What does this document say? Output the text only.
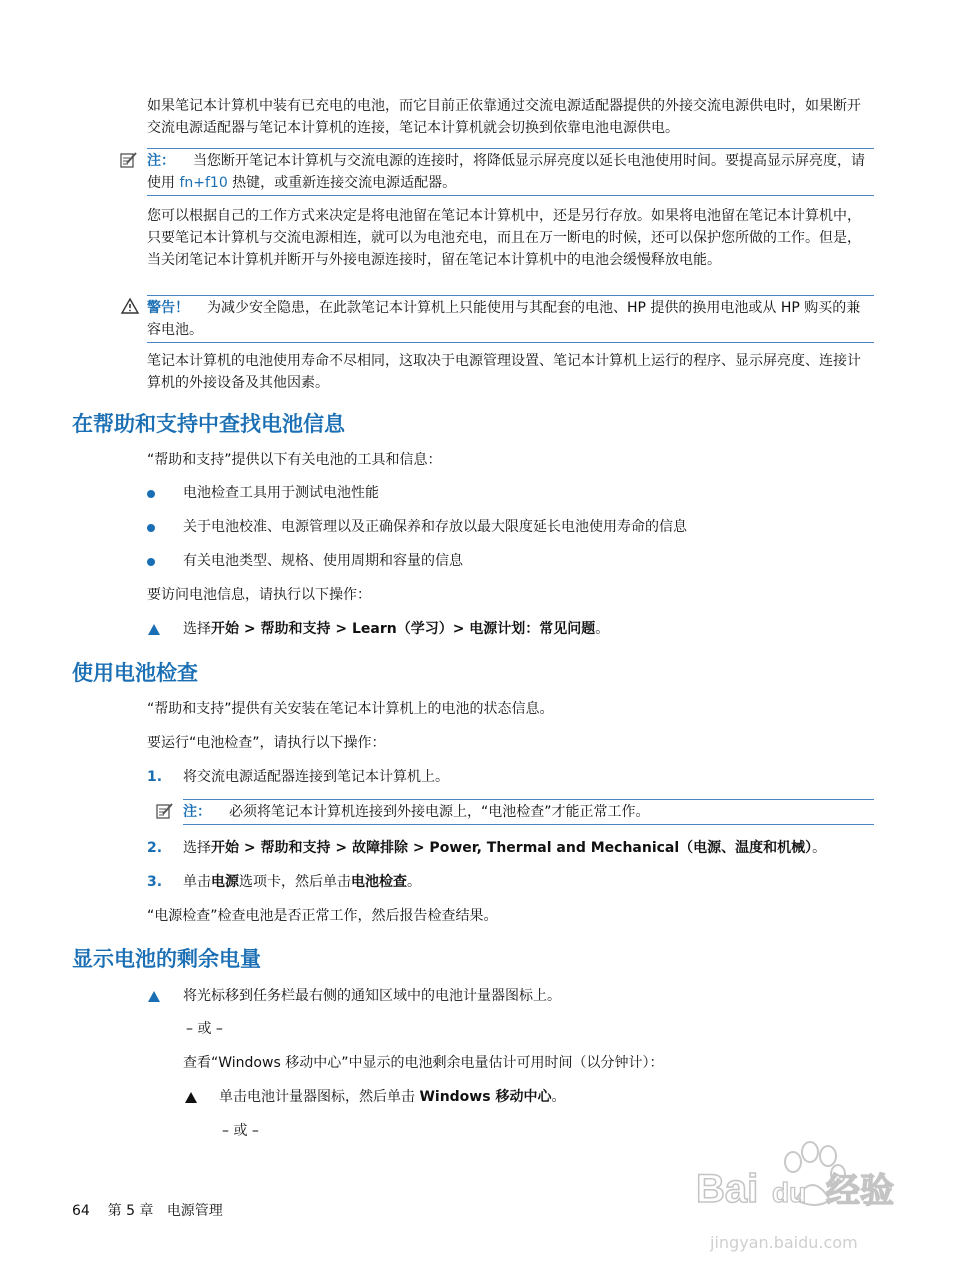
如果笔记本计算机中装有已充电的电池，而它目前正依靠通过交流电源适配器提供的外接交流电源供电时，如果断开交流电源适配器与笔记本计算机的连接，笔记本计算机就会切换到依靠电池电源供电。
注： 当您断开笔记本计算机与交流电源的连接时，将降低显示屏亮度以延长电池使用时间。要提高显示屏亮度，请使用 fn+f10 热键，或重新连接交流电源适配器。
您可以根据自己的工作方式来决定是将电池留在笔记本计算机中，还是另行存放。如果将电池留在笔记本计算机中，只要笔记本计算机与交流电源相连，就可以为电池充电，而且在万一断电的时候，还可以保护您所做的工作。但是，当关闭笔记本计算机并断开与外接电源连接时，留在笔记本计算机中的电池会缓慢释放电能。
警告！ 为减少安全隐患，在此款笔记本计算机上只能使用与其配套的电池、HP 提供的换用电池或从 HP 购买的兼容电池。
笔记本计算机的电池使用寿命不尽相同，这取决于电源管理设置、笔记本计算机上运行的程序、显示屏亮度、连接计算机的外接设备及其他因素。
在帮助和支持中查找电池信息
“帮助和支持”提供以下有关电池的工具和信息：
电池检查工具用于测试电池性能
关于电池校准、电源管理以及正确保养和存放以最大限度延长电池使用寿命的信息
有关电池类型、规格、使用周期和容量的信息
要访问电池信息，请执行以下操作：
选择开始 > 帮助和支持 > Learn（学习）> 电源计划：常见问题。
使用电池检查
“帮助和支持”提供有关安装在笔记本计算机上的电池的状态信息。
要运行“电池检查”，请执行以下操作：
1. 将交流电源适配器连接到笔记本计算机上。
注： 必须将笔记本计算机连接到外接电源上，“电池检查”才能正常工作。
2. 选择开始 > 帮助和支持 > 故障排除 > Power, Thermal and Mechanical（电源、温度和机械）。
3. 单击电源选项卡，然后单击电池检查。
“电源检查”检查电池是否正常工作，然后报告检查结果。
显示电池的剩余电量
将光标移到任务栏最右侧的通知区域中的电池计量器图标上。
– 或 –
查看“Windows 移动中心”中显示的电池剩余电量估计可用时间（以分钟计）：
单击电池计量器图标，然后单击 Windows 移动中心。
– 或 –
64 第 5 章 电源管理	Bai du 经验
jingyan.baidu.com
